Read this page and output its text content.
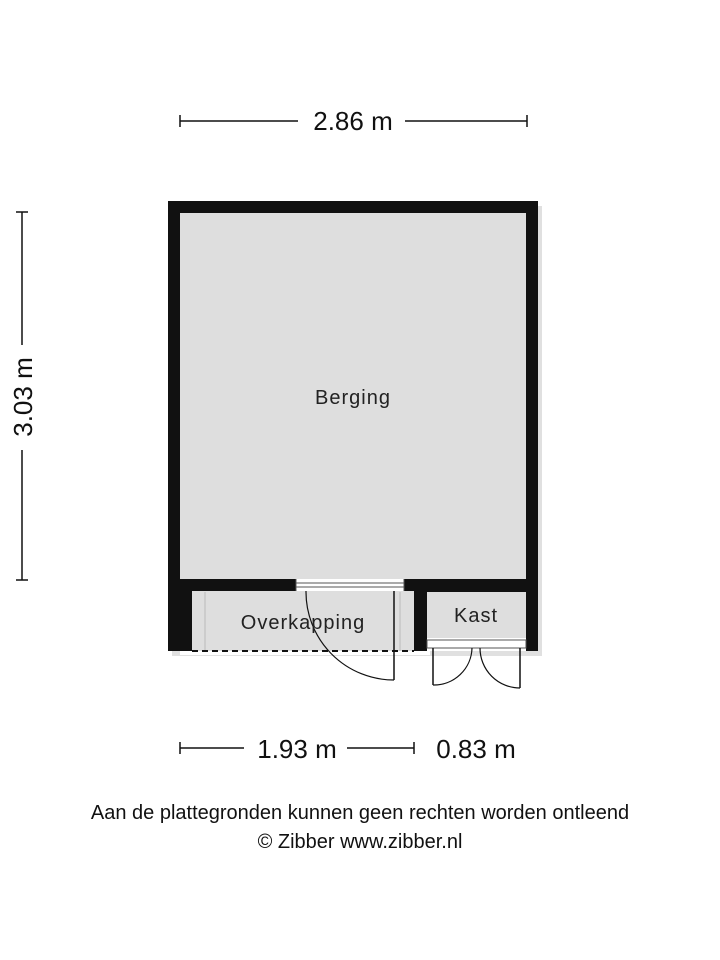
2.86 m
3.03 m	Berging
Overkapping	Kast
1.93 m	0.83 m
Aan de plattegronden kunnen geen rechten worden ontleend
© Zibber www.zibber.nl
